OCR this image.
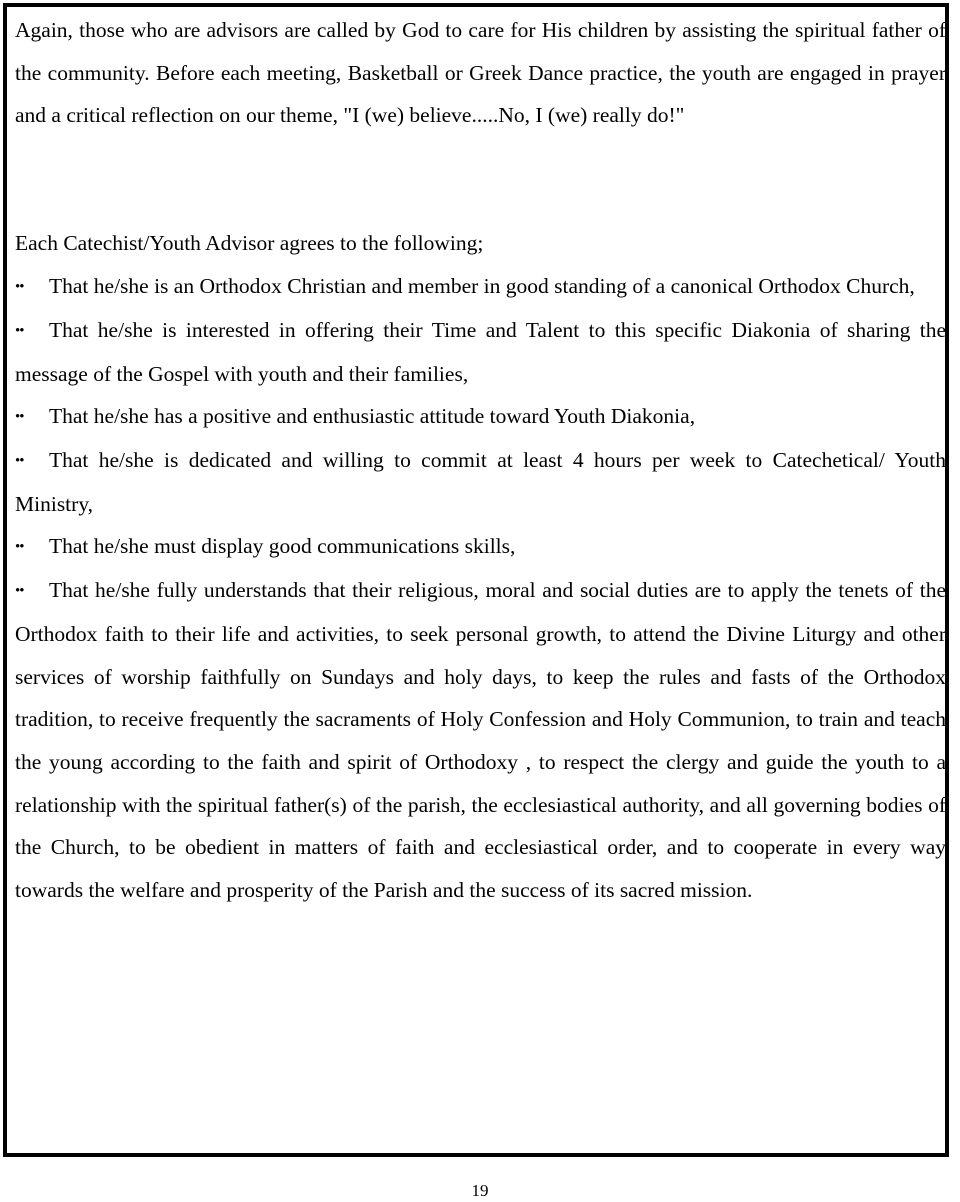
Again, those who are advisors are called by God to care for His children by assisting the spiritual father of the community. Before each meeting, Basketball or Greek Dance practice, the youth are engaged in prayer and a critical reflection on our theme, "I (we) believe.....No, I (we) really do!"

Each Catechist/Youth Advisor agrees to the following;

•• That he/she is an Orthodox Christian and member in good standing of a canonical Orthodox Church,

•• That he/she is interested in offering their Time and Talent to this specific Diakonia of sharing the message of the Gospel with youth and their families,

•• That he/she has a positive and enthusiastic attitude toward Youth Diakonia,

•• That he/she is dedicated and willing to commit at least 4 hours per week to Catechetical/ Youth Ministry,

•• That he/she must display good communications skills,

•• That he/she fully understands that their religious, moral and social duties are to apply the tenets of the Orthodox faith to their life and activities, to seek personal growth, to attend the Divine Liturgy and other services of worship faithfully on Sundays and holy days, to keep the rules and fasts of the Orthodox tradition, to receive frequently the sacraments of Holy Confession and Holy Communion, to train and teach the young according to the faith and spirit of Orthodoxy , to respect the clergy and guide the youth to a relationship with the spiritual father(s) of the parish, the ecclesiastical authority, and all governing bodies of the Church, to be obedient in matters of faith and ecclesiastical order, and to cooperate in every way towards the welfare and prosperity of the Parish and the success of its sacred mission.

19
